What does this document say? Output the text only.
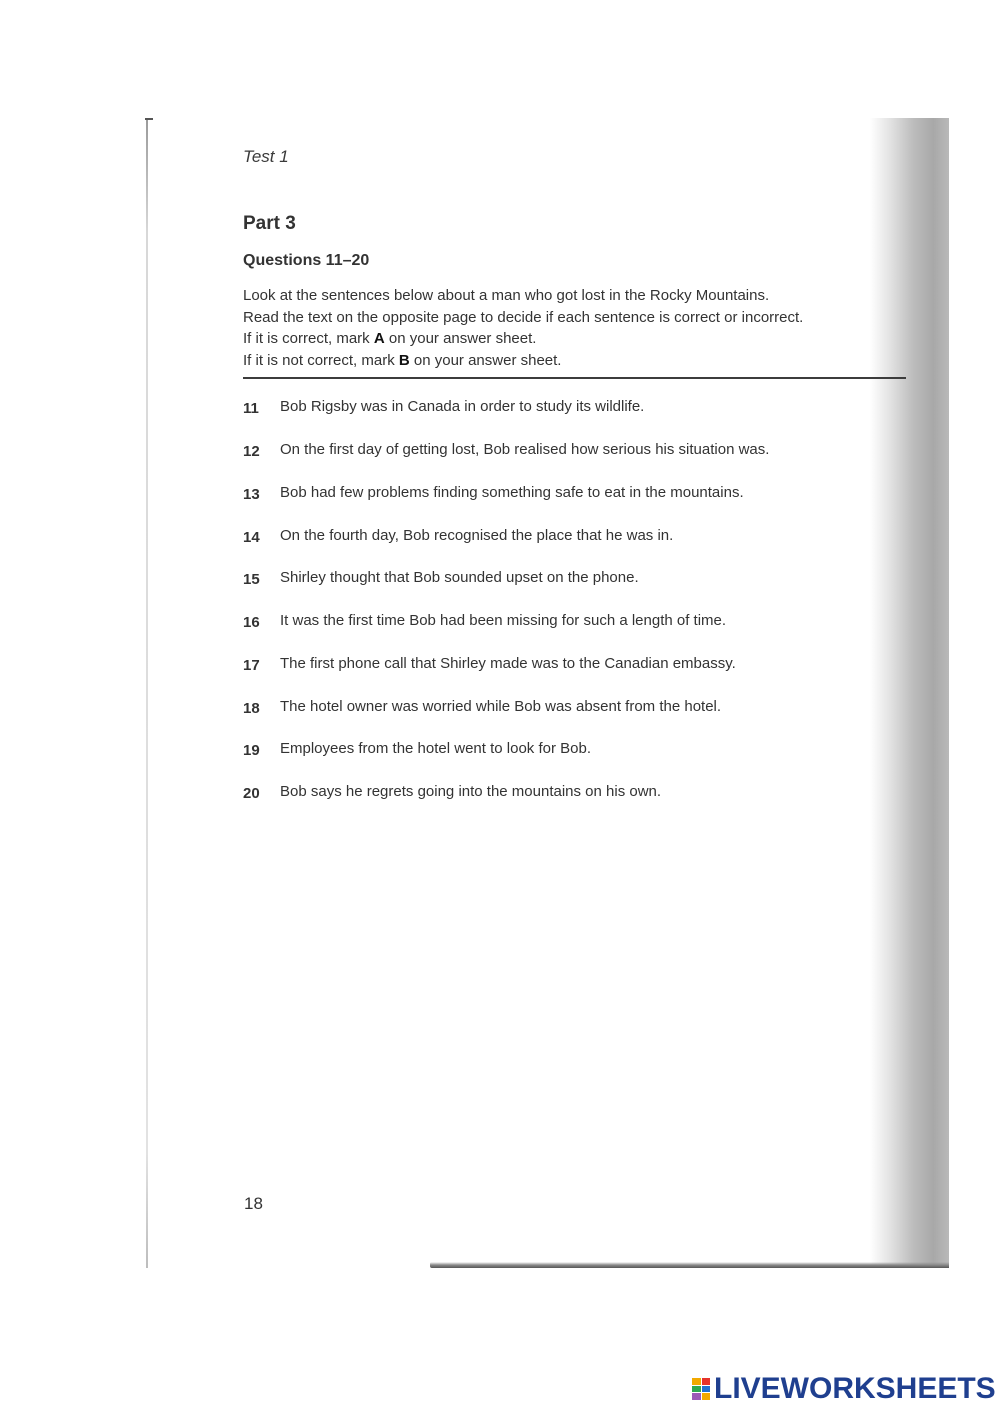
Test 1
Part 3
Questions 11–20
Look at the sentences below about a man who got lost in the Rocky Mountains.
Read the text on the opposite page to decide if each sentence is correct or incorrect.
If it is correct, mark A on your answer sheet.
If it is not correct, mark B on your answer sheet.
11 Bob Rigsby was in Canada in order to study its wildlife.
12 On the first day of getting lost, Bob realised how serious his situation was.
13 Bob had few problems finding something safe to eat in the mountains.
14 On the fourth day, Bob recognised the place that he was in.
15 Shirley thought that Bob sounded upset on the phone.
16 It was the first time Bob had been missing for such a length of time.
17 The first phone call that Shirley made was to the Canadian embassy.
18 The hotel owner was worried while Bob was absent from the hotel.
19 Employees from the hotel went to look for Bob.
20 Bob says he regrets going into the mountains on his own.
18
LIVEWORKSHEETS
